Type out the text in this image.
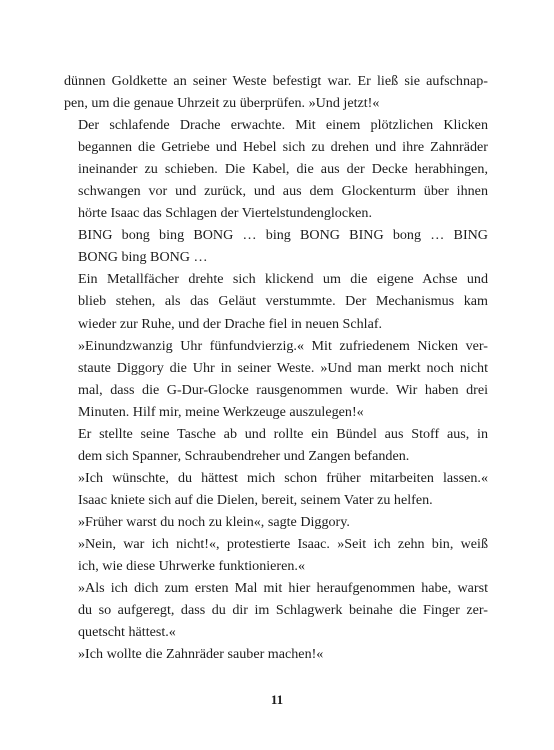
dünnen Goldkette an seiner Weste befestigt war. Er ließ sie aufschnap-
pen, um die genaue Uhrzeit zu überprüfen. »Und jetzt!«

Der schlafende Drache erwachte. Mit einem plötzlichen Klicken
begannen die Getriebe und Hebel sich zu drehen und ihre Zahnräder
ineinander zu schieben. Die Kabel, die aus der Decke herabhingen,
schwangen vor und zurück, und aus dem Glockenturm über ihnen
hörte Isaac das Schlagen der Viertelstundenglocken.

BING bong bing BONG … bing BONG BING bong … BING
BONG bing BONG …

Ein Metallfächer drehte sich klickend um die eigene Achse und
blieb stehen, als das Geläut verstummte. Der Mechanismus kam
wieder zur Ruhe, und der Drache fiel in neuen Schlaf.

»Einundzwanzig Uhr fünfundvierzig.« Mit zufriedenem Nicken ver-
staute Diggory die Uhr in seiner Weste. »Und man merkt noch nicht
mal, dass die G-Dur-Glocke rausgenommen wurde. Wir haben drei
Minuten. Hilf mir, meine Werkzeuge auszulegen!«

Er stellte seine Tasche ab und rollte ein Bündel aus Stoff aus, in
dem sich Spanner, Schraubendreher und Zangen befanden.

»Ich wünschte, du hättest mich schon früher mitarbeiten lassen.«
Isaac kniete sich auf die Dielen, bereit, seinem Vater zu helfen.

»Früher warst du noch zu klein«, sagte Diggory.

»Nein, war ich nicht!«, protestierte Isaac. »Seit ich zehn bin, weiß
ich, wie diese Uhrwerke funktionieren.«

»Als ich dich zum ersten Mal mit hier heraufgenommen habe, warst
du so aufgeregt, dass du dir im Schlagwerk beinahe die Finger zer-
quetscht hättest.«

»Ich wollte die Zahnräder sauber machen!«

11
